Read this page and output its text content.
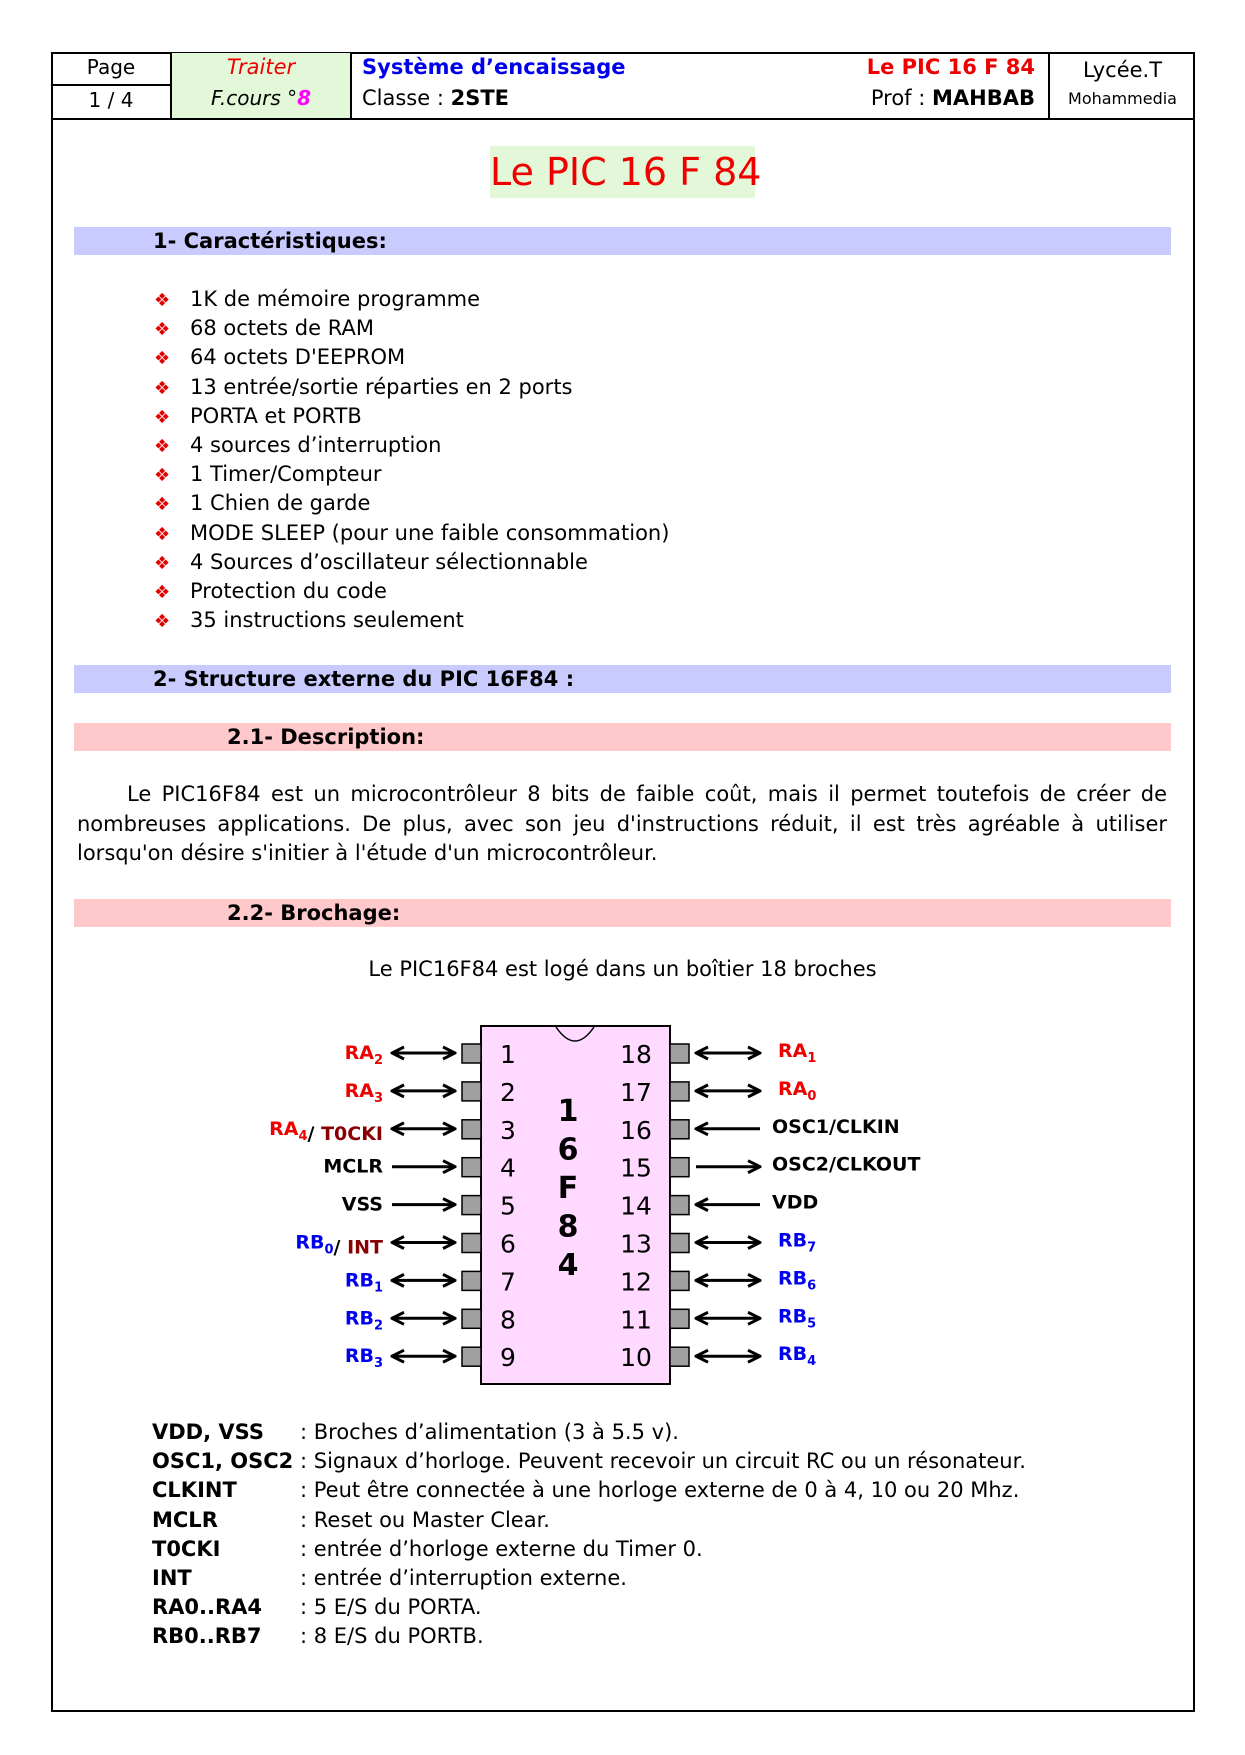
Page
1 / 4
Traiter
F.cours °8
Système d’encaissage
Classe : 2STE
Le PIC 16 F 84
Prof : MAHBAB
Lycée.T
Mohammedia
Le PIC 16 F 84
1- Caractéristiques:
❖ 1K de mémoire programme
❖ 68 octets de RAM
❖ 64 octets D'EEPROM
❖ 13 entrée/sortie réparties en 2 ports
❖ PORTA et PORTB
❖ 4 sources d’interruption
❖ 1 Timer/Compteur
❖ 1 Chien de garde
❖ MODE SLEEP (pour une faible consommation)
❖ 4 Sources d’oscillateur sélectionnable
❖ Protection du code
❖ 35 instructions seulement
2- Structure externe du PIC 16F84 :
2.1- Description:
Le PIC16F84 est un microcontrôleur 8 bits de faible coût, mais il permet toutefois de créer de nombreuses applications. De plus, avec son jeu d'instructions réduit, il est très agréable à utiliser lorsqu'on désire s'initier à l'étude d'un microcontrôleur.
2.2- Brochage:
Le PIC16F84 est logé dans un boîtier 18 broches
1
6
F
8
4
1
$RA_2$
2
$RA_3$
3
$RA_4/$ T0CKI
4
MCLR
5
VSS
6
$RB_0/$ INT
7
$RB_1$
8
$RB_2$
9
$RB_3$
18	$RA_1$
17	$RA_0$
16	OSC1/CLKIN
15	OSC2/CLKOUT
14	VDD
13	$RB_7$
12	$RB_6$
11	$RB_5$
10	$RB_4$
VDD, VSS : Broches d’alimentation (3 à 5.5 v).
OSC1, OSC2 : Signaux d’horloge. Peuvent recevoir un circuit RC ou un résonateur.
CLKINT	: Peut être connectée à une horloge externe de 0 à 4, 10 ou 20 Mhz.
MCLR	: Reset ou Master Clear.
T0CKI	: entrée d’horloge externe du Timer 0.
INT	: entrée d’interruption externe.
RA0..RA4 : 5 E/S du PORTA.
RB0..RB7 : 8 E/S du PORTB.
